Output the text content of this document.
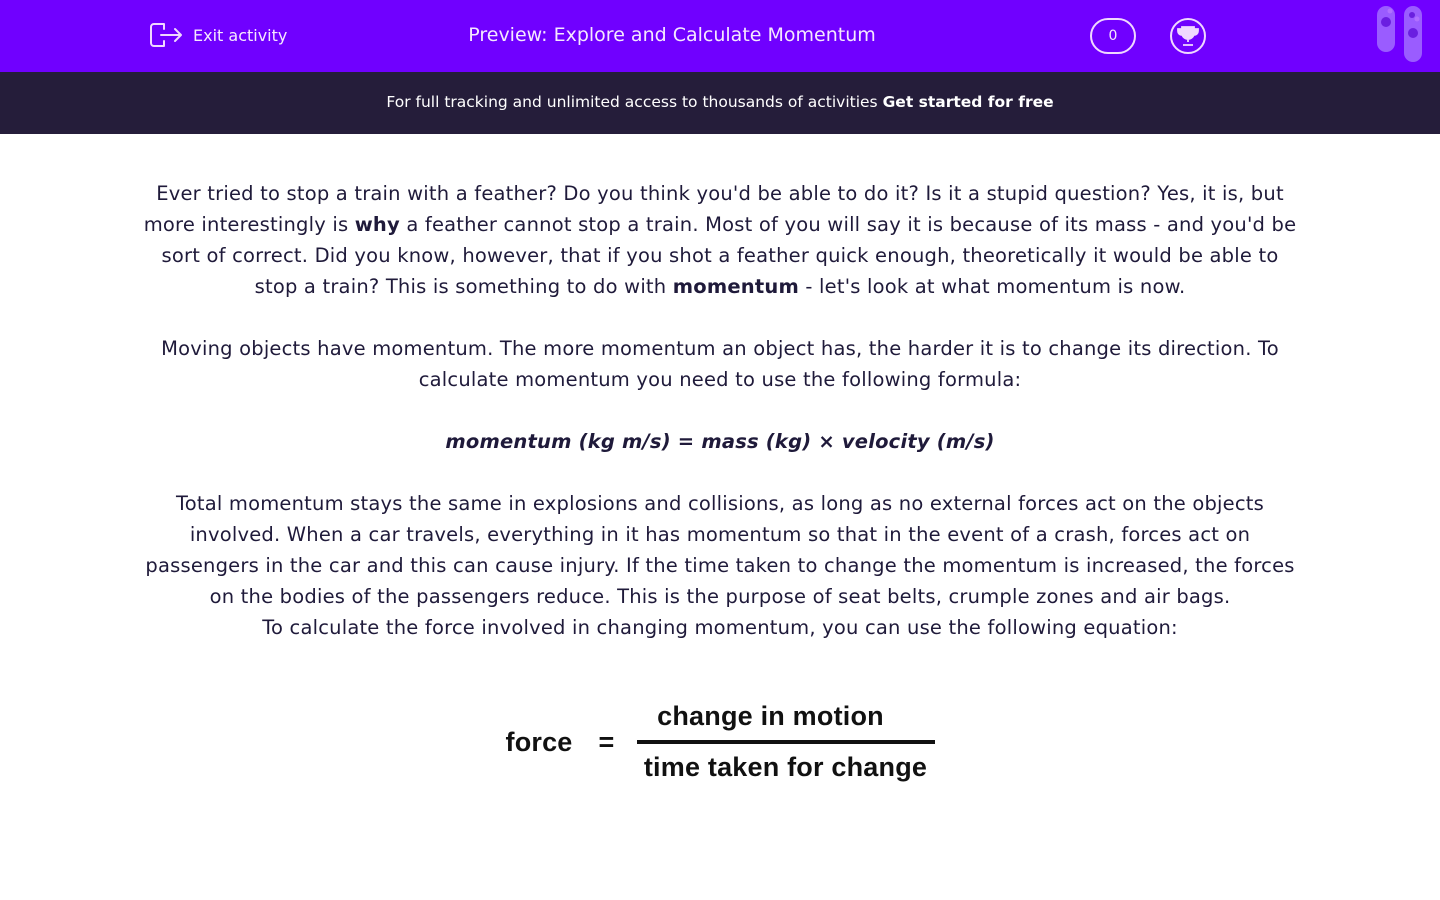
Exit activity	Preview: Explore and Calculate Momentum	0
For full tracking and unlimited access to thousands of activities Get started for free

Ever tried to stop a train with a feather? Do you think you'd be able to do it? Is it a stupid question? Yes, it is, but more interestingly is why a feather cannot stop a train. Most of you will say it is because of its mass - and you'd be sort of correct. Did you know, however, that if you shot a feather quick enough, theoretically it would be able to stop a train? This is something to do with momentum - let's look at what momentum is now.

Moving objects have momentum. The more momentum an object has, the harder it is to change its direction. To calculate momentum you need to use the following formula:

momentum (kg m/s) = mass (kg) × velocity (m/s)

Total momentum stays the same in explosions and collisions, as long as no external forces act on the objects involved. When a car travels, everything in it has momentum so that in the event of a crash, forces act on passengers in the car and this can cause injury. If the time taken to change the momentum is increased, the forces on the bodies of the passengers reduce. This is the purpose of seat belts, crumple zones and air bags.

To calculate the force involved in changing momentum, you can use the following equation:

force = $\frac{\text{change in motion}}{\text{time taken for change}}$
